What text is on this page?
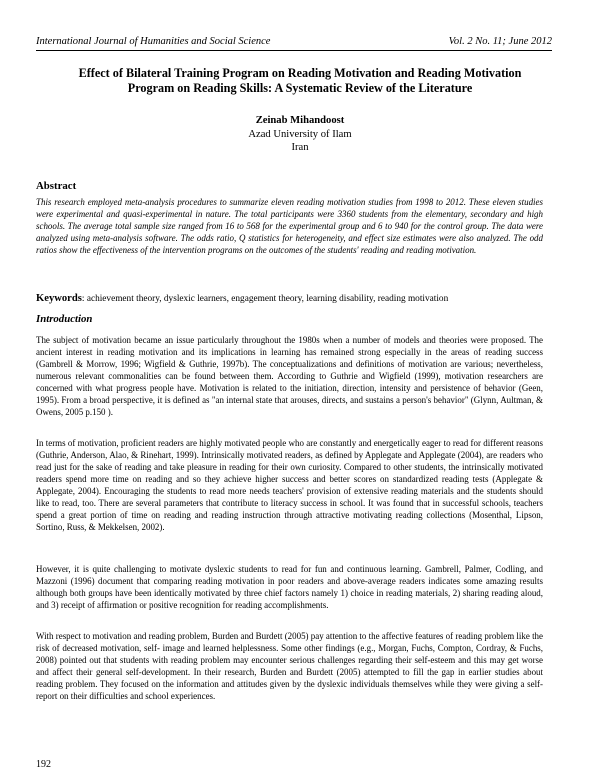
International Journal of Humanities and Social Science	Vol. 2 No. 11; June 2012
Effect of Bilateral Training Program on Reading Motivation and Reading Motivation Program on Reading Skills: A Systematic Review of the Literature
Zeinab Mihandoost
Azad University of Ilam
Iran
Abstract
This research employed meta-analysis procedures to summarize eleven reading motivation studies from 1998 to 2012. These eleven studies were experimental and quasi-experimental in nature. The total participants were 3360 students from the elementary, secondary and high schools. The average total sample size ranged from 16 to 568 for the experimental group and 6 to 940 for the control group. The data were analyzed using meta-analysis software. The odds ratio, Q statistics for heterogeneity, and effect size estimates were also analyzed. The odd ratios show the effectiveness of the intervention programs on the outcomes of the students' reading and reading motivation.
Keywords: achievement theory, dyslexic learners, engagement theory, learning disability, reading motivation
Introduction
The subject of motivation became an issue particularly throughout the 1980s when a number of models and theories were proposed. The ancient interest in reading motivation and its implications in learning has remained strong especially in the areas of reading success (Gambrell & Morrow, 1996; Wigfield & Guthrie, 1997b). The conceptualizations and definitions of motivation are various; nevertheless, numerous relevant commonalities can be found between them. According to Guthrie and Wigfield (1999), motivation researchers are concerned with what progress people have. Motivation is related to the initiation, direction, intensity and persistence of behavior (Geen, 1995). From a broad perspective, it is defined as "an internal state that arouses, directs, and sustains a person's behavior" (Glynn, Aultman, & Owens, 2005 p.150 ).
In terms of motivation, proficient readers are highly motivated people who are constantly and energetically eager to read for different reasons (Guthrie, Anderson, Alao, & Rinehart, 1999). Intrinsically motivated readers, as defined by Applegate and Applegate (2004), are readers who read just for the sake of reading and take pleasure in reading for their own curiosity. Compared to other students, the intrinsically motivated readers spend more time on reading and so they achieve higher success and better scores on standardized reading tests (Applegate & Applegate, 2004). Encouraging the students to read more needs teachers' provision of extensive reading materials and the students should like to read, too. There are several parameters that contribute to literacy success in school. It was found that in successful schools, teachers spend a great portion of time on reading and reading instruction through attractive motivating reading collections (Mosenthal, Lipson, Sortino, Russ, & Mekkelsen, 2002).
However, it is quite challenging to motivate dyslexic students to read for fun and continuous learning. Gambrell, Palmer, Codling, and Mazzoni (1996) document that comparing reading motivation in poor readers and above-average readers indicates some amazing results although both groups have been identically motivated by three chief factors namely 1) choice in reading materials, 2) sharing reading aloud, and 3) receipt of affirmation or positive recognition for reading accomplishments.
With respect to motivation and reading problem, Burden and Burdett (2005) pay attention to the affective features of reading problem like the risk of decreased motivation, self- image and learned helplessness. Some other findings (e.g., Morgan, Fuchs, Compton, Cordray, & Fuchs, 2008) pointed out that students with reading problem may encounter serious challenges regarding their self-esteem and this may get worse and affect their general self-development. In their research, Burden and Burdett (2005) attempted to fill the gap in earlier studies about reading problem. They focused on the information and attitudes given by the dyslexic individuals themselves while they were giving a self-report on their difficulties and school experiences.
192
